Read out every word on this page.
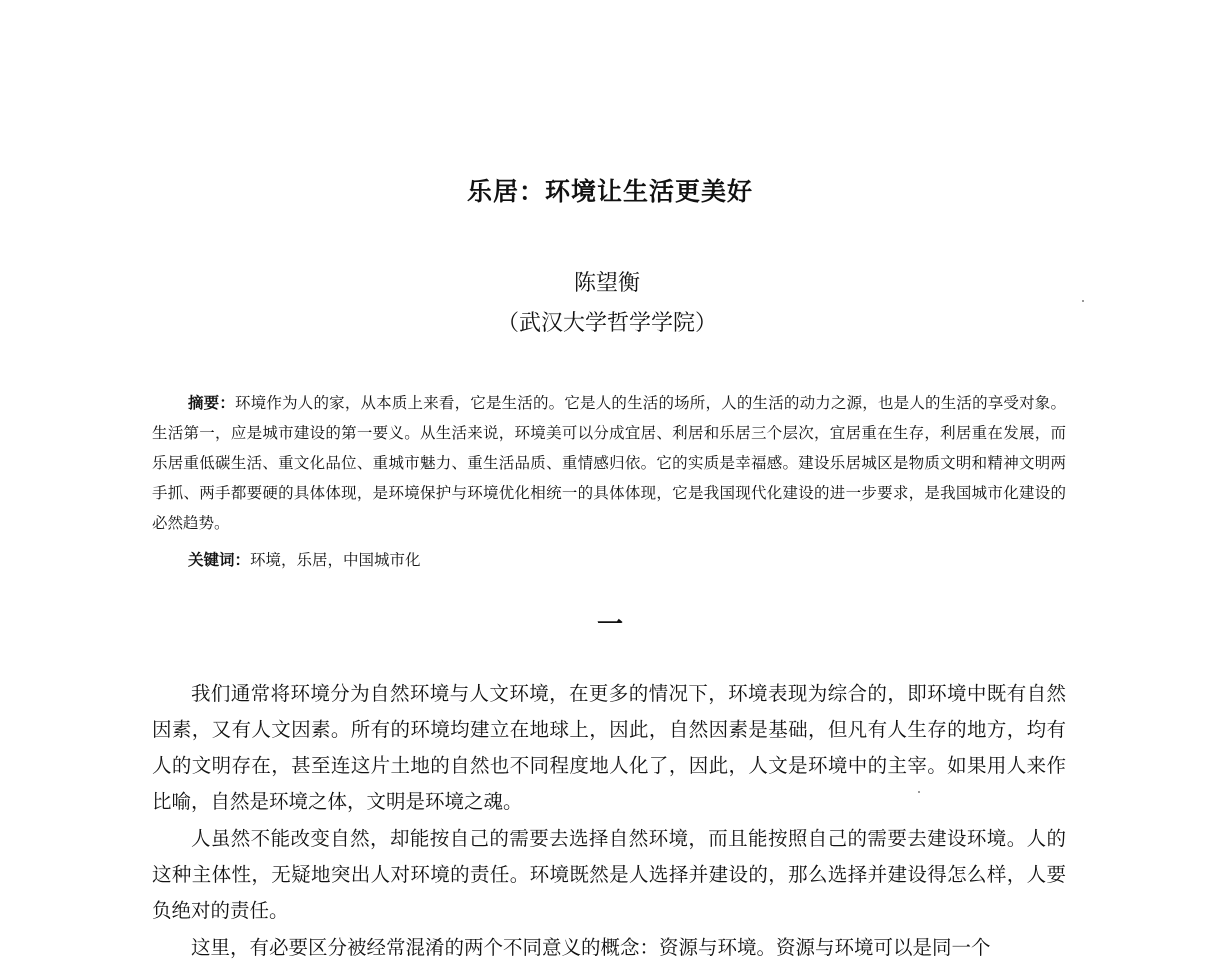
乐居：环境让生活更美好
陈望衡
（武汉大学哲学学院）
摘要：环境作为人的家，从本质上来看，它是生活的。它是人的生活的场所，人的生活的动力之源，也是人的生活的享受对象。生活第一，应是城市建设的第一要义。从生活来说，环境美可以分成宜居、利居和乐居三个层次，宜居重在生存，利居重在发展，而乐居重低碳生活、重文化品位、重城市魅力、重生活品质、重情感归依。它的实质是幸福感。建设乐居城区是物质文明和精神文明两手抓、两手都要硬的具体体现，是环境保护与环境优化相统一的具体体现，它是我国现代化建设的进一步要求，是我国城市化建设的必然趋势。
关键词：环境，乐居，中国城市化
一

我们通常将环境分为自然环境与人文环境，在更多的情况下，环境表现为综合的，即环境中既有自然因素，又有人文因素。所有的环境均建立在地球上，因此，自然因素是基础，但凡有人生存的地方，均有人的文明存在，甚至连这片土地的自然也不同程度地人化了，因此，人文是环境中的主宰。如果用人来作比喻，自然是环境之体，文明是环境之魂。

人虽然不能改变自然，却能按自己的需要去选择自然环境，而且能按照自己的需要去建设环境。人的这种主体性，无疑地突出人对环境的责任。环境既然是人选择并建设的，那么选择并建设得怎么样，人要负绝对的责任。

这里，有必要区分被经常混淆的两个不同意义的概念：资源与环境。资源与环境可以是同一个
